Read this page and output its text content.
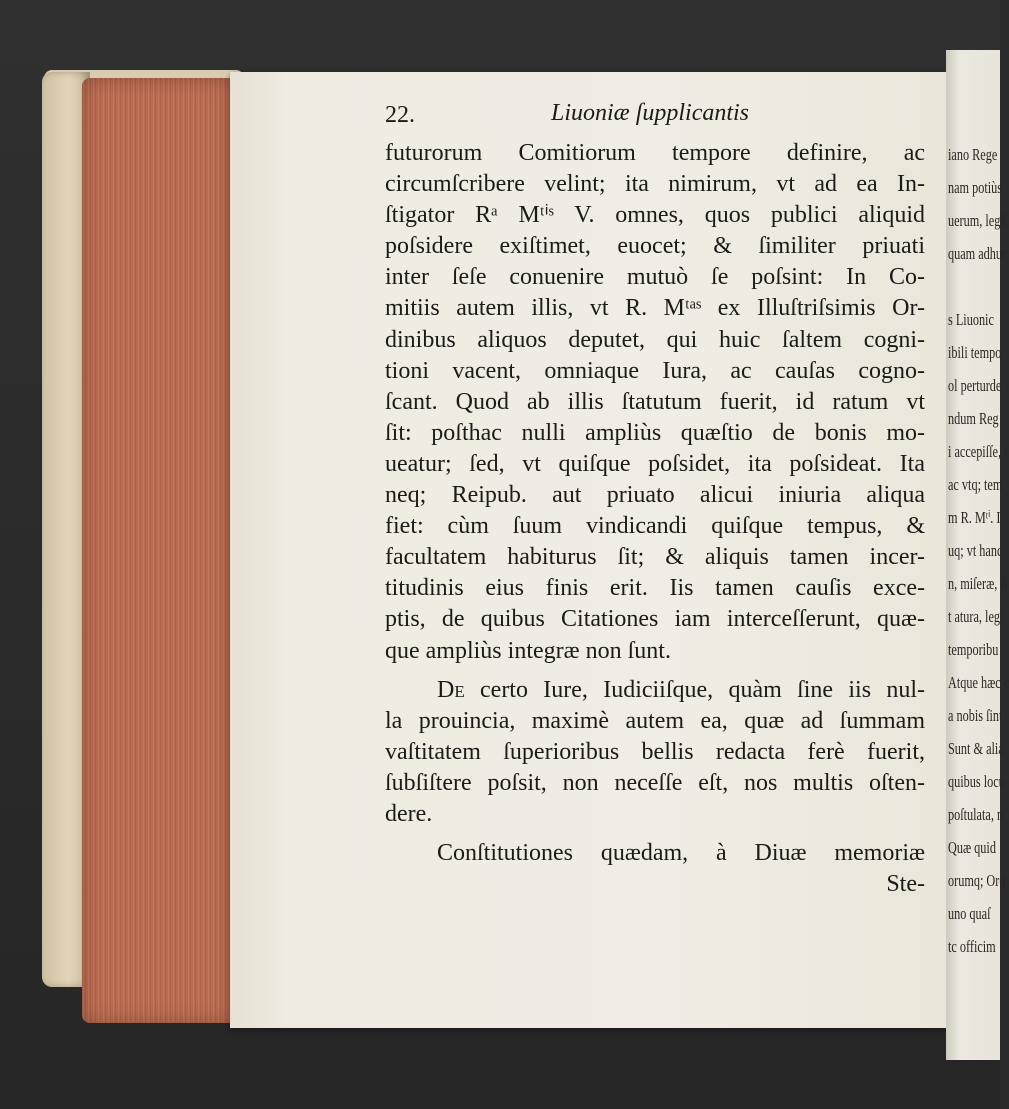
iano Rege
nam potiùs
uerum, legẽ
quam adhuc
s Liuonic
ibili tempo
ol perturde
ndum Reg
i accepiſſe, i
ac vtq; tem
m R. Mᵗⁱ. I
uq; vt hanc
n, miſeræ, ſi
t atura, legi
temporibu
Atque hæc c
a nobis ſint
Sunt & alia
quibus locu
poſtulata, n
Quæ quid
orumq; Ord
uno quaſ
tc officim
22.	Liuoniæ ſupplicantis
futurorum Comitiorum tempore definire, ac
circumſcribere velint; ita nimirum, vt ad ea In-
ſtigator Rᵃ Mᵗⁱˢ V. omnes, quos publici aliquid
poſsidere exiſtimet, euocet; & ſimiliter priuati
inter ſeſe conuenire mutuò ſe poſsint: In Co-
mitiis autem illis, vt R. Mᵗᵃˢ ex Illuſtriſsimis Or-
dinibus aliquos deputet, qui huic ſaltem cogni-
tioni vacent, omniaque Iura, ac cauſas cogno-
ſcant. Quod ab illis ſtatutum fuerit, id ratum vt
ſit: poſthac nulli ampliùs quæſtio de bonis mo-
ueatur; ſed, vt quiſque poſsidet, ita poſsideat. Ita
neq; Reipub. aut priuato alicui iniuria aliqua
fiet: cùm ſuum vindicandi quiſque tempus, &
facultatem habiturus ſit; & aliquis tamen incer-
titudinis eius finis erit. Iis tamen cauſis exce-
ptis, de quibus Citationes iam interceſſerunt, quæ-
que ampliùs integræ non ſunt.
De certo Iure, Iudiciiſque, quàm ſine iis nul-
la prouincia, maximè autem ea, quæ ad ſummam
vaſtitatem ſuperioribus bellis redacta ferè fuerit,
ſubſiſtere poſsit, non neceſſe eſt, nos multis oſten-
dere.
Conſtitutiones quædam, à Diuæ memoriæ
Ste-
